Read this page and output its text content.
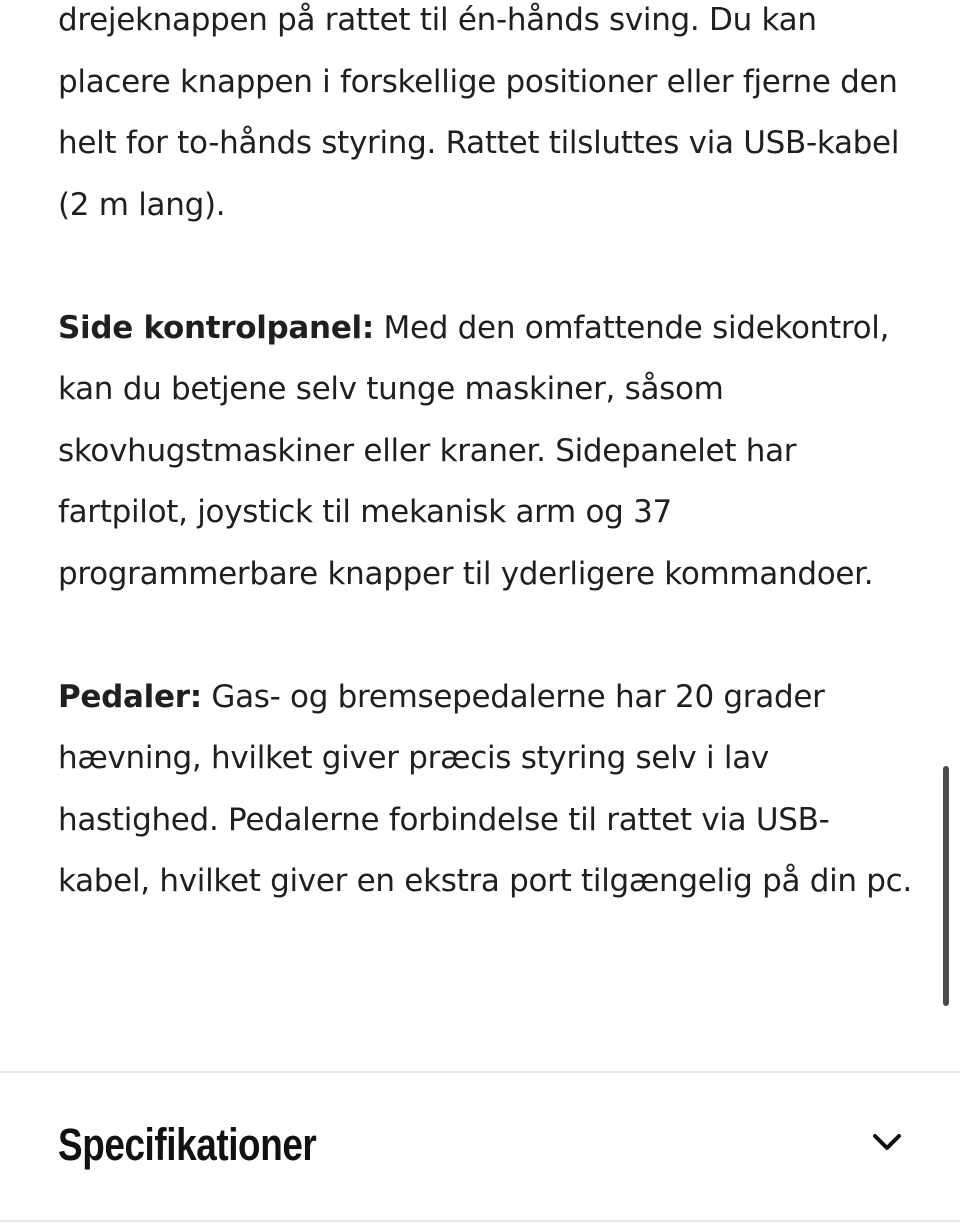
drejeknappen på rattet til én-hånds sving. Du kan placere knappen i forskellige positioner eller fjerne den helt for to-hånds styring. Rattet tilsluttes via USB-kabel (2 m lang).

Side kontrolpanel: Med den omfattende sidekontrol, kan du betjene selv tunge maskiner, såsom skovhugstmaskiner eller kraner. Sidepanelet har fartpilot, joystick til mekanisk arm og 37 programmerbare knapper til yderligere kommandoer.

Pedaler: Gas- og bremsepedalerne har 20 grader hævning, hvilket giver præcis styring selv i lav hastighed. Pedalerne forbindelse til rattet via USB-kabel, hvilket giver en ekstra port tilgængelig på din pc.

Specifikationer
